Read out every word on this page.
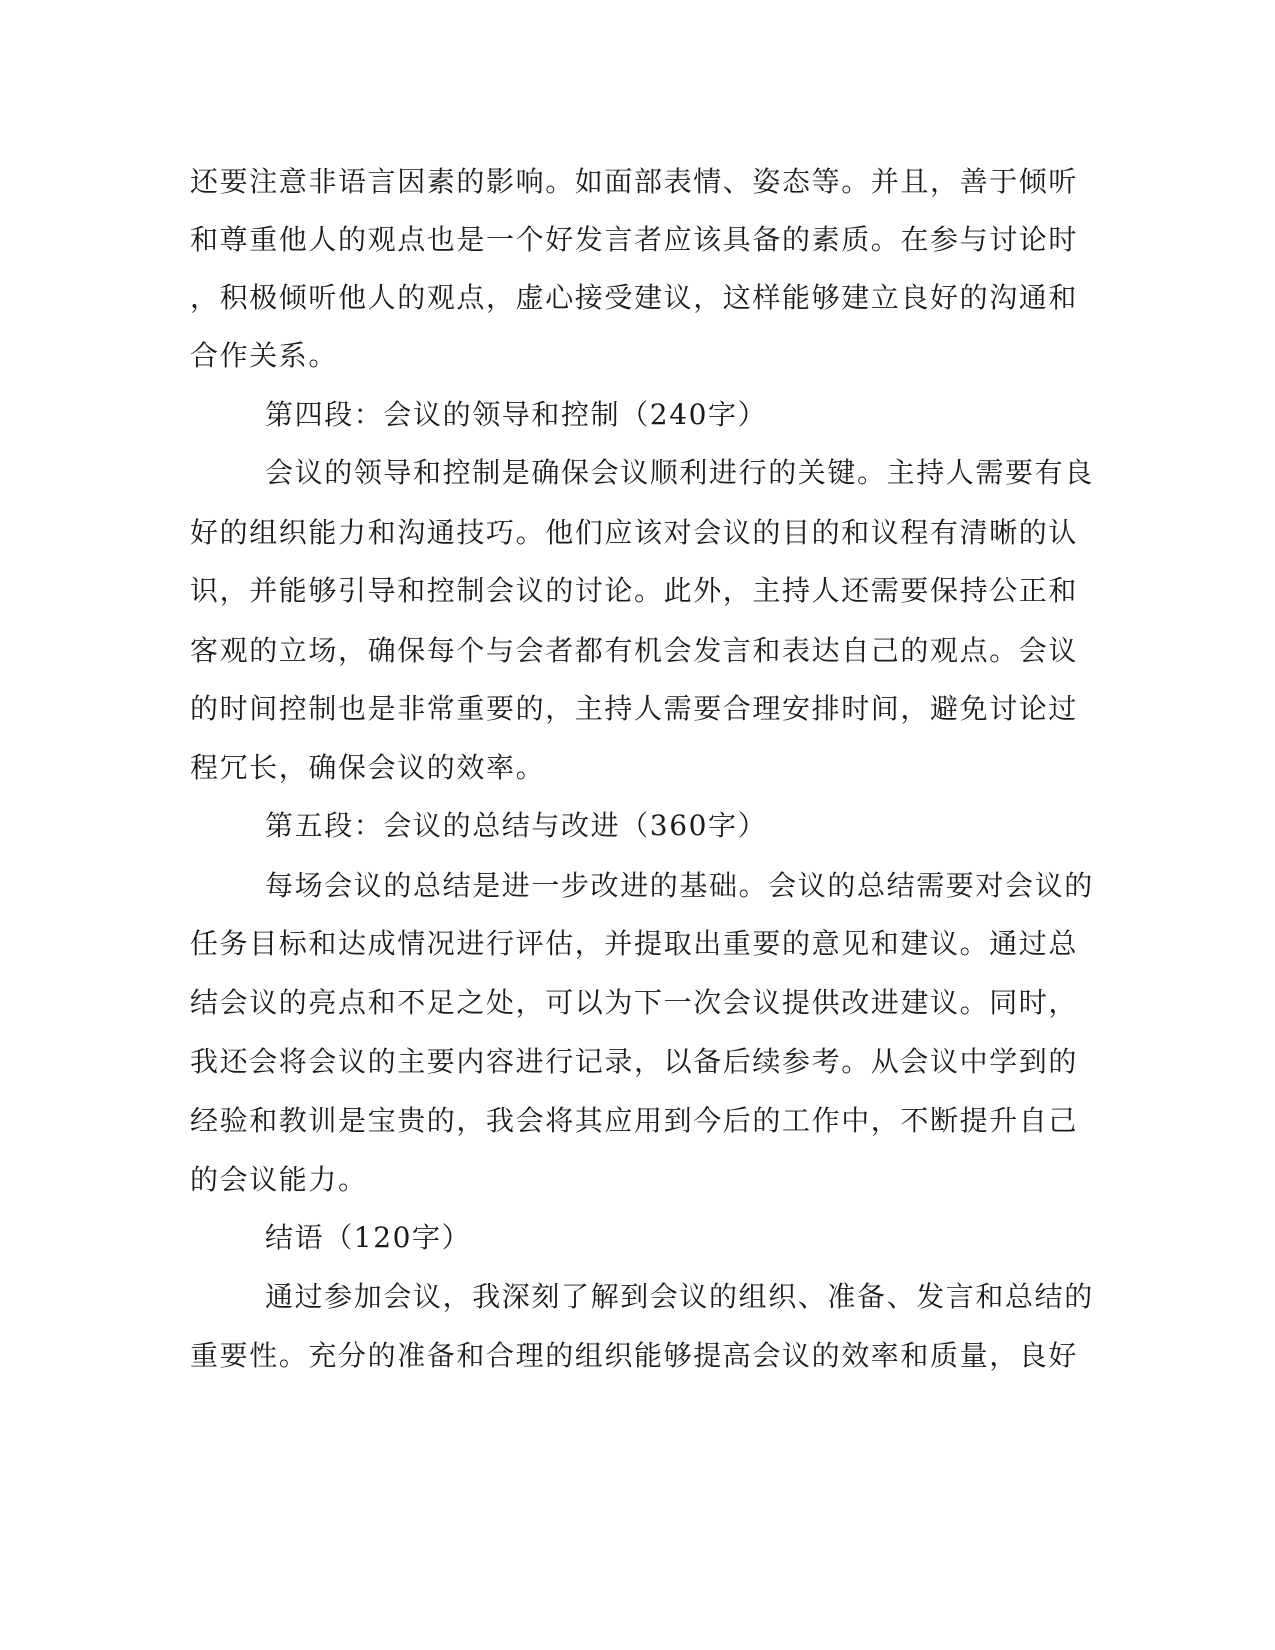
还要注意非语言因素的影响。如面部表情、姿态等。并且，善于倾听
和尊重他人的观点也是一个好发言者应该具备的素质。在参与讨论时
，积极倾听他人的观点，虚心接受建议，这样能够建立良好的沟通和
合作关系。
第四段：会议的领导和控制（240字）
会议的领导和控制是确保会议顺利进行的关键。主持人需要有良
好的组织能力和沟通技巧。他们应该对会议的目的和议程有清晰的认
识，并能够引导和控制会议的讨论。此外，主持人还需要保持公正和
客观的立场，确保每个与会者都有机会发言和表达自己的观点。会议
的时间控制也是非常重要的，主持人需要合理安排时间，避免讨论过
程冗长，确保会议的效率。
第五段：会议的总结与改进（360字）
每场会议的总结是进一步改进的基础。会议的总结需要对会议的
任务目标和达成情况进行评估，并提取出重要的意见和建议。通过总
结会议的亮点和不足之处，可以为下一次会议提供改进建议。同时，
我还会将会议的主要内容进行记录，以备后续参考。从会议中学到的
经验和教训是宝贵的，我会将其应用到今后的工作中，不断提升自己
的会议能力。
结语（120字）
通过参加会议，我深刻了解到会议的组织、准备、发言和总结的
重要性。充分的准备和合理的组织能够提高会议的效率和质量，良好
